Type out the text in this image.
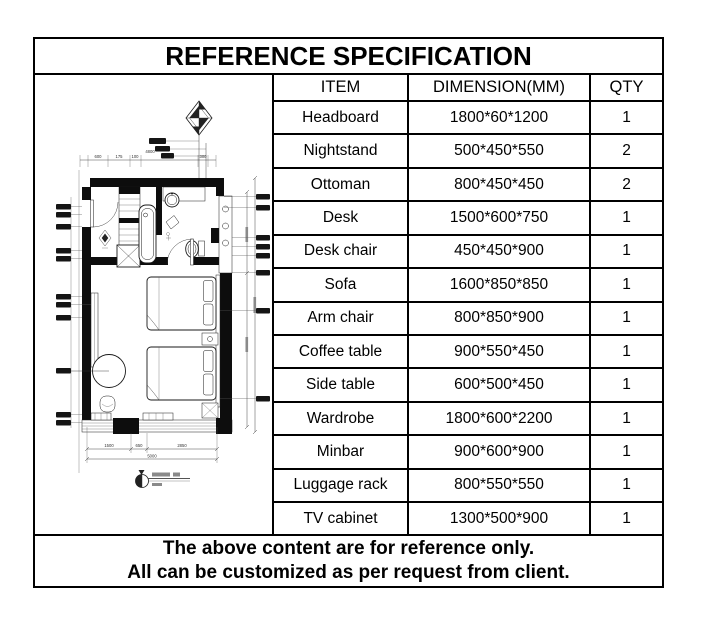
REFERENCE SPECIFICATION
600	175 100	300
4800
1500	650	2850
5000
ITEM	DIMENSION(MM)	QTY
Headboard	1800*60*1200	1
Nightstand	500*450*550	2
Ottoman	800*450*450	2
Desk	1500*600*750	1
Desk chair	450*450*900	1
Sofa	1600*850*850	1
Arm chair	800*850*900	1
Coffee table	900*550*450	1
Side table	600*500*450	1
Wardrobe	1800*600*2200	1
Minbar	900*600*900	1
Luggage rack	800*550*550	1
TV cabinet	1300*500*900	1
The above content are for reference only.
All can be customized as per request from client.
